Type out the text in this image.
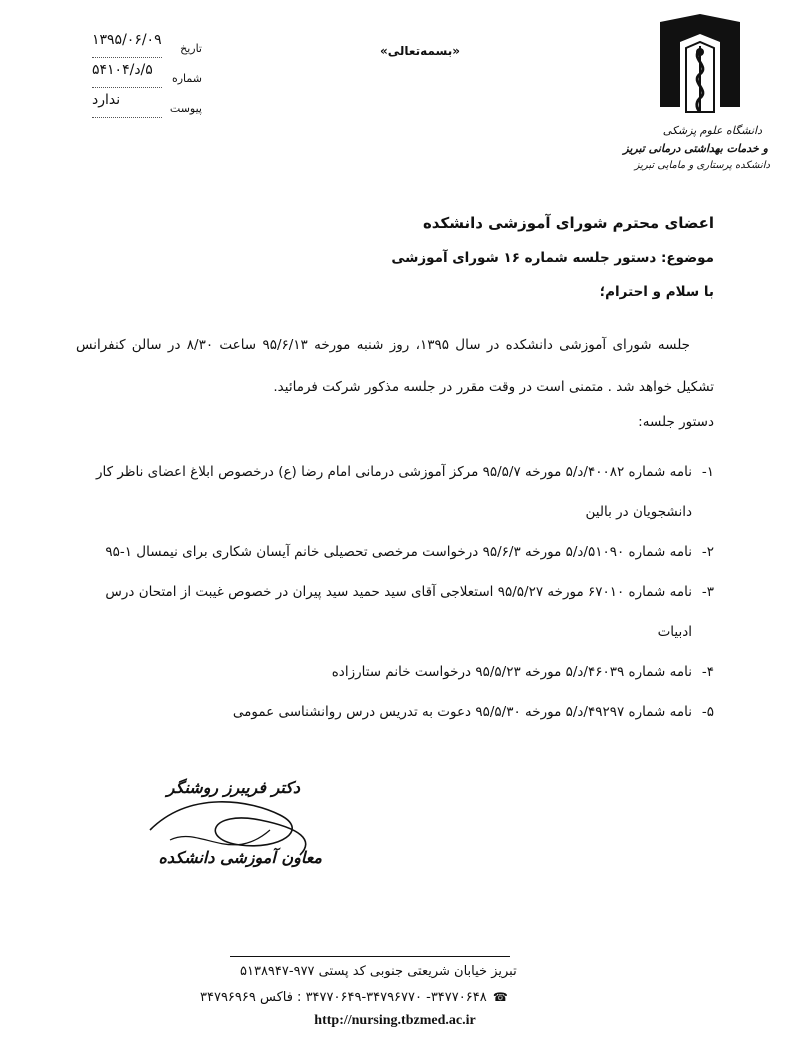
دانشگاه علوم پزشکی
و خدمات بهداشتی درمانی تبریز
دانشکده پرستاری و مامایی تبریز
«بسمه‌تعالی»
تاریخ
۱۳۹۵/۰۶/۰۹
شماره
۵/د/۵۴۱۰۴
پیوست
ندارد
اعضای محترم شورای آموزشی دانشکده
موضوع: دستور جلسه شماره ۱۶ شورای آموزشی
با سلام و احترام؛

جلسه شورای آموزشی دانشکده در سال ۱۳۹۵، روز شنبه مورخه ۹۵/۶/۱۳ ساعت ۸/۳۰ در سالن کنفرانس تشکیل خواهد شد . متمنی است در وقت مقرر در جلسه مذکور شرکت فرمائید.

دستور جلسه:
۱-
نامه شماره ۴۰۰۸۲/د/۵ مورخه ۹۵/۵/۷ مرکز آموزشی درمانی امام رضا (ع) درخصوص ابلاغ اعضای ناظر کار دانشجویان در بالین
۲-
نامه شماره ۵۱۰۹۰/د/۵ مورخه ۹۵/۶/۳ درخواست مرخصی تحصیلی خانم آیسان شکاری برای نیمسال ۱-۹۵
۳-
نامه شماره ۶۷۰۱۰ مورخه ۹۵/۵/۲۷ استعلاجی آقای سید حمید سید پیران در خصوص غیبت از امتحان درس ادبیات
۴-
نامه شماره ۴۶۰۳۹/د/۵ مورخه ۹۵/۵/۲۳ درخواست خانم ستارزاده
۵-
نامه شماره ۴۹۲۹۷/د/۵ مورخه ۹۵/۵/۳۰ دعوت به تدریس درس روانشناسی عمومی
دکتر فریبرز روشنگر
معاون آموزشی دانشکده
تبریز خیابان شریعتی جنوبی کد پستی ۹۷۷-۵۱۳۸۹۴۷
☎ ۳۴۷۷۰۶۴۸- ۳۴۷۷۰۶۴۹-۳۴۷۹۶۷۷۰ : فاکس ۳۴۷۹۶۹۶۹
http://nursing.tbzmed.ac.ir
